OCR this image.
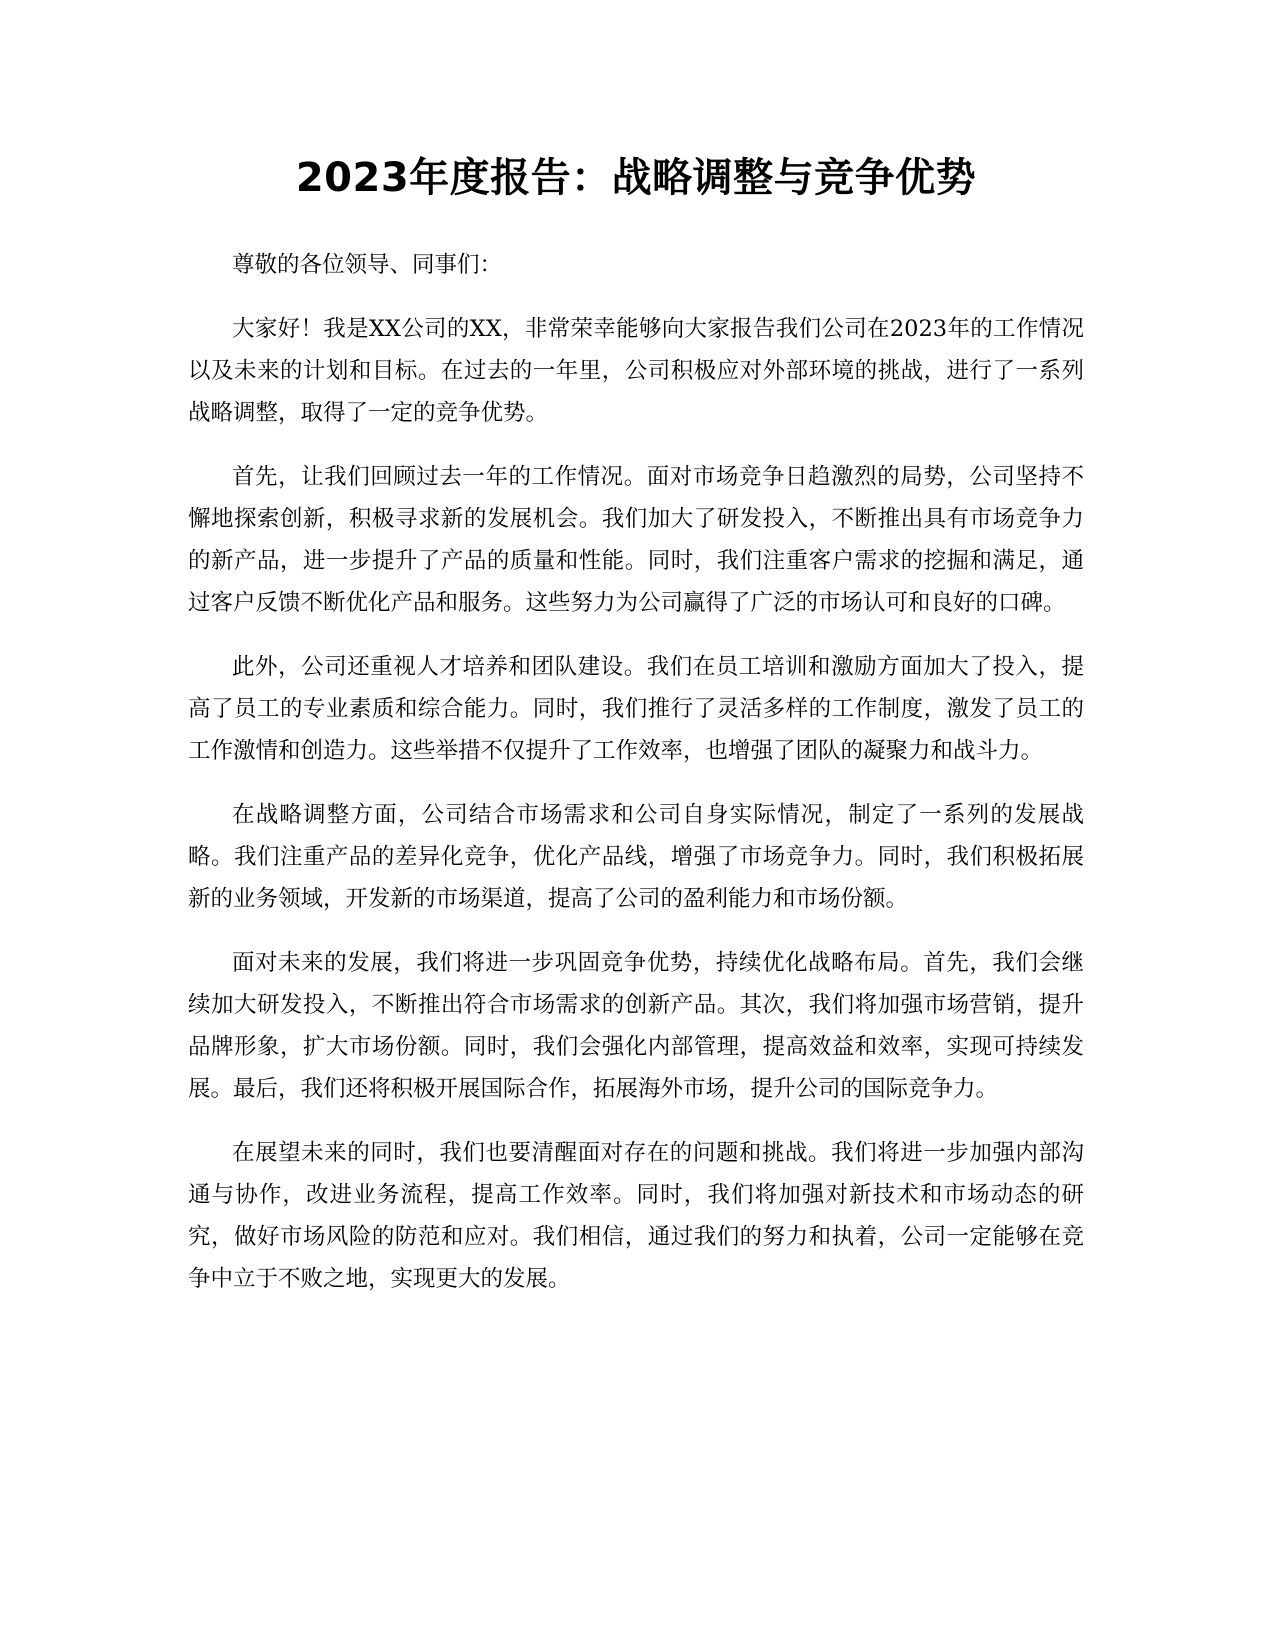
2023年度报告：战略调整与竞争优势

尊敬的各位领导、同事们：

大家好！我是XX公司的XX，非常荣幸能够向大家报告我们公司在2023年的工作情况以及未来的计划和目标。在过去的一年里，公司积极应对外部环境的挑战，进行了一系列战略调整，取得了一定的竞争优势。

首先，让我们回顾过去一年的工作情况。面对市场竞争日趋激烈的局势，公司坚持不懈地探索创新，积极寻求新的发展机会。我们加大了研发投入，不断推出具有市场竞争力的新产品，进一步提升了产品的质量和性能。同时，我们注重客户需求的挖掘和满足，通过客户反馈不断优化产品和服务。这些努力为公司赢得了广泛的市场认可和良好的口碑。

此外，公司还重视人才培养和团队建设。我们在员工培训和激励方面加大了投入，提高了员工的专业素质和综合能力。同时，我们推行了灵活多样的工作制度，激发了员工的工作激情和创造力。这些举措不仅提升了工作效率，也增强了团队的凝聚力和战斗力。

在战略调整方面，公司结合市场需求和公司自身实际情况，制定了一系列的发展战略。我们注重产品的差异化竞争，优化产品线，增强了市场竞争力。同时，我们积极拓展新的业务领域，开发新的市场渠道，提高了公司的盈利能力和市场份额。

面对未来的发展，我们将进一步巩固竞争优势，持续优化战略布局。首先，我们会继续加大研发投入，不断推出符合市场需求的创新产品。其次，我们将加强市场营销，提升品牌形象，扩大市场份额。同时，我们会强化内部管理，提高效益和效率，实现可持续发展。最后，我们还将积极开展国际合作，拓展海外市场，提升公司的国际竞争力。

在展望未来的同时，我们也要清醒面对存在的问题和挑战。我们将进一步加强内部沟通与协作，改进业务流程，提高工作效率。同时，我们将加强对新技术和市场动态的研究，做好市场风险的防范和应对。我们相信，通过我们的努力和执着，公司一定能够在竞争中立于不败之地，实现更大的发展。
